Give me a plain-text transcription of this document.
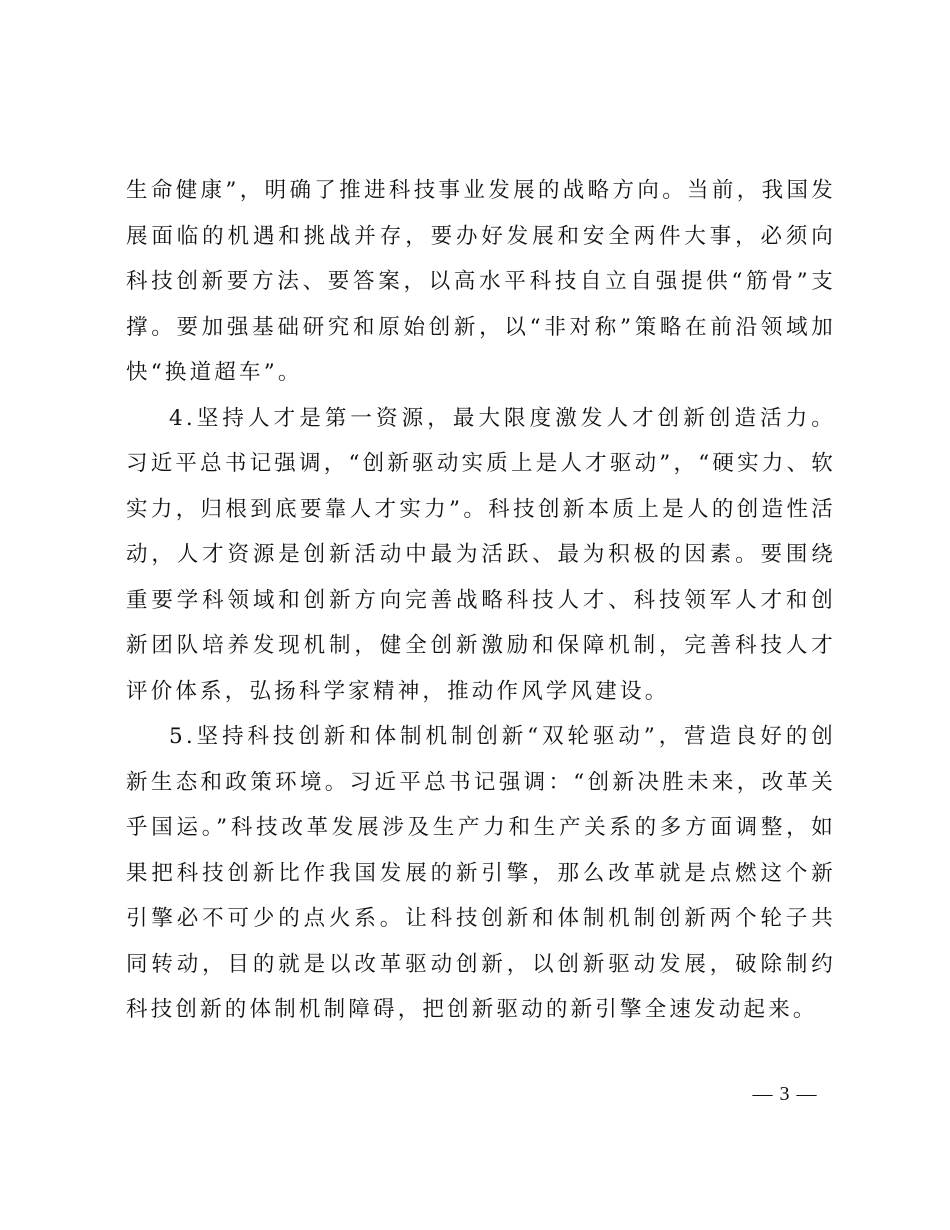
生命健康”，明确了推进科技事业发展的战略方向。当前，我国发展面临的机遇和挑战并存，要办好发展和安全两件大事，必须向科技创新要方法、要答案，以高水平科技自立自强提供“筋骨”支撑。要加强基础研究和原始创新，以“非对称”策略在前沿领域加快“换道超车”。

4.坚持人才是第一资源，最大限度激发人才创新创造活力。习近平总书记强调，“创新驱动实质上是人才驱动”，“硬实力、软实力，归根到底要靠人才实力”。科技创新本质上是人的创造性活动，人才资源是创新活动中最为活跃、最为积极的因素。要围绕重要学科领域和创新方向完善战略科技人才、科技领军人才和创新团队培养发现机制，健全创新激励和保障机制，完善科技人才评价体系，弘扬科学家精神，推动作风学风建设。

5.坚持科技创新和体制机制创新“双轮驱动”，营造良好的创新生态和政策环境。习近平总书记强调：“创新决胜未来，改革关乎国运。”科技改革发展涉及生产力和生产关系的多方面调整，如果把科技创新比作我国发展的新引擎，那么改革就是点燃这个新引擎必不可少的点火系。让科技创新和体制机制创新两个轮子共同转动，目的就是以改革驱动创新，以创新驱动发展，破除制约科技创新的体制机制障碍，把创新驱动的新引擎全速发动起来。

— 3 —
